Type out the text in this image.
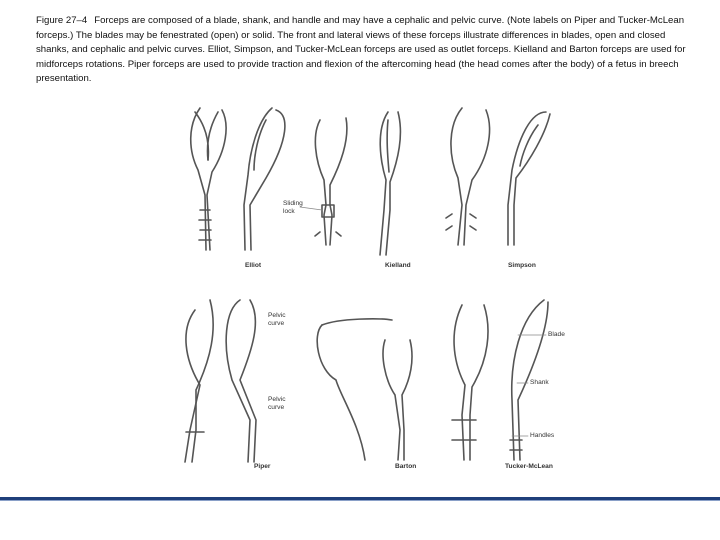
Figure 27–4 Forceps are composed of a blade, shank, and handle and may have a cephalic and pelvic curve. (Note labels on Piper and Tucker-McLean forceps.) The blades may be fenestrated (open) or solid. The front and lateral views of these forceps illustrate differences in blades, open and closed shanks, and cephalic and pelvic curves. Elliot, Simpson, and Tucker-McLean forceps are used as outlet forceps. Kielland and Barton forceps are used for midforceps rotations. Piper forceps are used to provide traction and flexion of the aftercoming head (the head comes after the body) of a fetus in breech presentation.
Elliot	Kielland	Simpson
Sliding
lock
Pelvic
curve
Pelvic
curve
Piper	Barton	Tucker-McLean
Blade
Shank
Handles
